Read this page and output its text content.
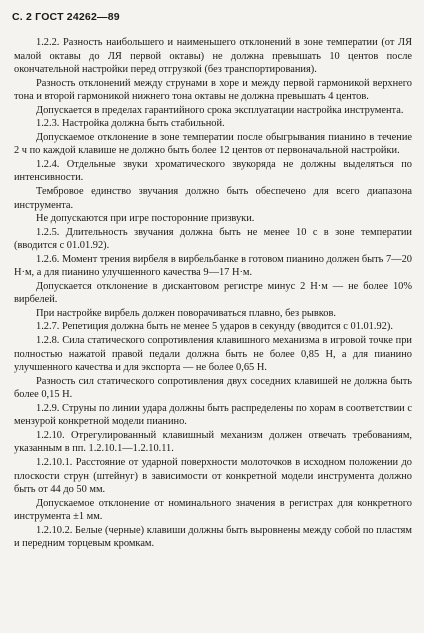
С. 2 ГОСТ 24262—89

1.2.2. Разность наибольшего и наименьшего отклонений в зоне температии (от ЛЯ малой октавы до ЛЯ первой октавы) не должна превышать 10 центов после окончательной настройки перед отгрузкой (без транспортирования).

Разность отклонений между струнами в хоре и между первой гармоникой верхнего тона и второй гармоникой нижнего тона октавы не должна превышать 4 центов.

Допускается в пределах гарантийного срока эксплуатации настройка инструмента.

1.2.3. Настройка должна быть стабильной.

Допускаемое отклонение в зоне температии после обыгрывания пианино в течение 2 ч по каждой клавише не должно быть более 12 центов от первоначальной настройки.

1.2.4. Отдельные звуки хроматического звукоряда не должны выделяться по интенсивности.

Тембровое единство звучания должно быть обеспечено для всего диапазона инструмента.

Не допускаются при игре посторонние призвуки.

1.2.5. Длительность звучания должна быть не менее 10 с в зоне температии (вводится с 01.01.92).

1.2.6. Момент трения вирбеля в вирбельбанке в готовом пианино должен быть 7—20 Н·м, а для пианино улучшенного качества 9—17 Н·м.

Допускается отклонение в дискантовом регистре минус 2 Н·м — не более 10% вирбелей.

При настройке вирбель должен поворачиваться плавно, без рывков.

1.2.7. Репетиция должна быть не менее 5 ударов в секунду (вводится с 01.01.92).

1.2.8. Сила статического сопротивления клавишного механизма в игровой точке при полностью нажатой правой педали должна быть не более 0,85 Н, а для пианино улучшенного качества и для экспорта — не более 0,65 Н.

Разность сил статического сопротивления двух соседних клавишей не должна быть более 0,15 Н.

1.2.9. Струны по линии удара должны быть распределены по хорам в соответствии с мензурой конкретной модели пианино.

1.2.10. Отрегулированный клавишный механизм должен отвечать требованиям, указанным в пп. 1.2.10.1—1.2.10.11.

1.2.10.1. Расстояние от ударной поверхности молоточков в исходном положении до плоскости струн (штейнуг) в зависимости от конкретной модели инструмента должно быть от 44 до 50 мм.

Допускаемое отклонение от номинального значения в регистрах для конкретного инструмента ±1 мм.

1.2.10.2. Белые (черные) клавиши должны быть выровнены между собой по пластям и передним торцевым кромкам.
